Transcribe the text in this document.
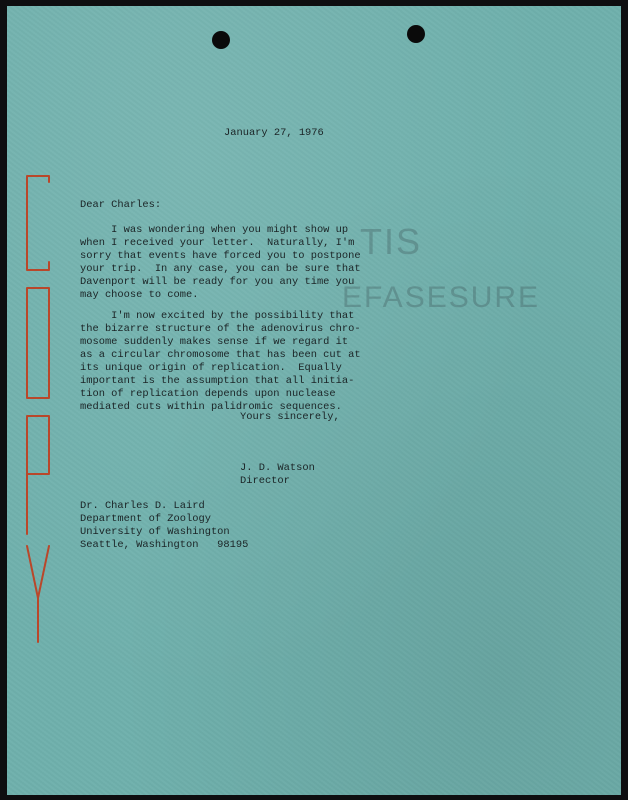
TIS
EFASESURE
January 27, 1976
Dear Charles:
I was wondering when you might show up
when I received your letter.  Naturally, I'm
sorry that events have forced you to postpone
your trip.  In any case, you can be sure that
Davenport will be ready for you any time you
may choose to come.
I'm now excited by the possibility that
the bizarre structure of the adenovirus chro-
mosome suddenly makes sense if we regard it
as a circular chromosome that has been cut at
its unique origin of replication.  Equally
important is the assumption that all initia-
tion of replication depends upon nuclease
mediated cuts within palidromic sequences.
Yours sincerely,
J. D. Watson
Director
Dr. Charles D. Laird
Department of Zoology
University of Washington
Seattle, Washington   98195
